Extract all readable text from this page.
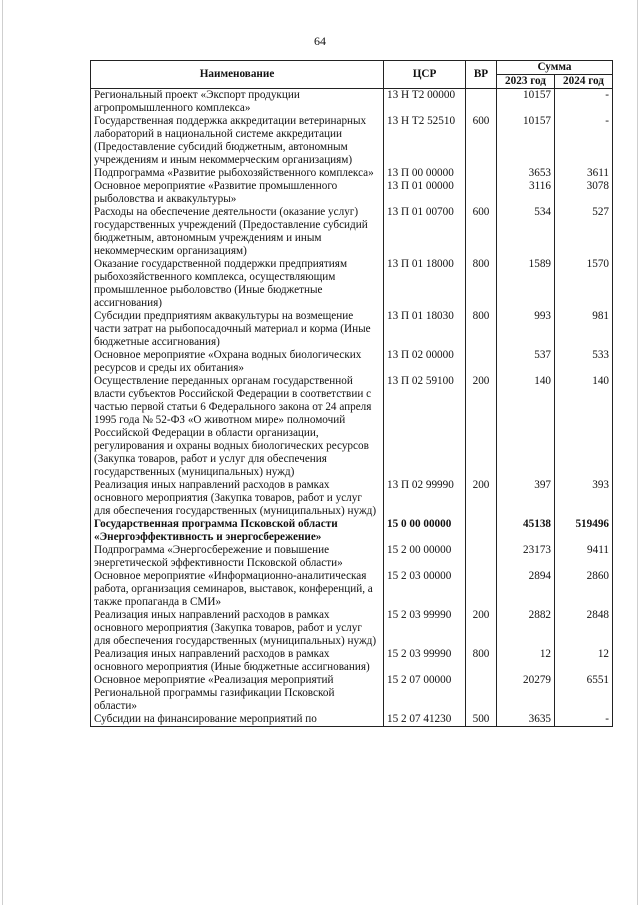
64
Наименование	ЦСР	ВР	Сумма	
			2023 год	2024 год
Региональный проект «Экспорт продукции агропромышленного комплекса»	13 Н Т2 00000		10157	-
Государственная поддержка аккредитации ветеринарных лабораторий в национальной системе аккредитации (Предоставление субсидий бюджетным, автономным учреждениям и иным некоммерческим организациям)	13 Н Т2 52510	600	10157	-
Подпрограмма «Развитие рыбохозяйственного комплекса»	13 П 00 00000		3653	3611
Основное мероприятие «Развитие промышленного рыболовства и аквакультуры»	13 П 01 00000		3116	3078
Расходы на обеспечение деятельности (оказание услуг) государственных учреждений (Предоставление субсидий бюджетным, автономным учреждениям и иным некоммерческим организациям)	13 П 01 00700	600	534	527
Оказание государственной поддержки предприятиям рыбохозяйственного комплекса, осуществляющим промышленное рыболовство (Иные бюджетные ассигнования)	13 П 01 18000	800	1589	1570
Субсидии предприятиям аквакультуры на возмещение части затрат на рыбопосадочный материал и корма (Иные бюджетные ассигнования)	13 П 01 18030	800	993	981
Основное мероприятие «Охрана водных биологических ресурсов и среды их обитания»	13 П 02 00000		537	533
Осуществление переданных органам государственной власти субъектов Российской Федерации в соответствии с частью первой статьи 6 Федерального закона от 24 апреля 1995 года № 52-ФЗ «О животном мире» полномочий Российской Федерации в области организации, регулирования и охраны водных биологических ресурсов (Закупка товаров, работ и услуг для обеспечения государственных (муниципальных) нужд)	13 П 02 59100	200	140	140
Реализация иных направлений расходов в рамках основного мероприятия (Закупка товаров, работ и услуг для обеспечения государственных (муниципальных) нужд)	13 П 02 99990	200	397	393
Государственная программа Псковской области «Энергоэффективность и энергосбережение»	15 0 00 00000		45138	519496
Подпрограмма «Энергосбережение и повышение энергетической эффективности Псковской области»	15 2 00 00000		23173	9411
Основное мероприятие «Информационно-аналитическая работа, организация семинаров, выставок, конференций, а также пропаганда в СМИ»	15 2 03 00000		2894	2860
Реализация иных направлений расходов в рамках основного мероприятия (Закупка товаров, работ и услуг для обеспечения государственных (муниципальных) нужд)	15 2 03 99990	200	2882	2848
Реализация иных направлений расходов в рамках основного мероприятия (Иные бюджетные ассигнования)	15 2 03 99990	800	12	12
Основное мероприятие «Реализация мероприятий Региональной программы газификации Псковской области»	15 2 07 00000		20279	6551
Субсидии на финансирование мероприятий по	15 2 07 41230	500	3635	-
